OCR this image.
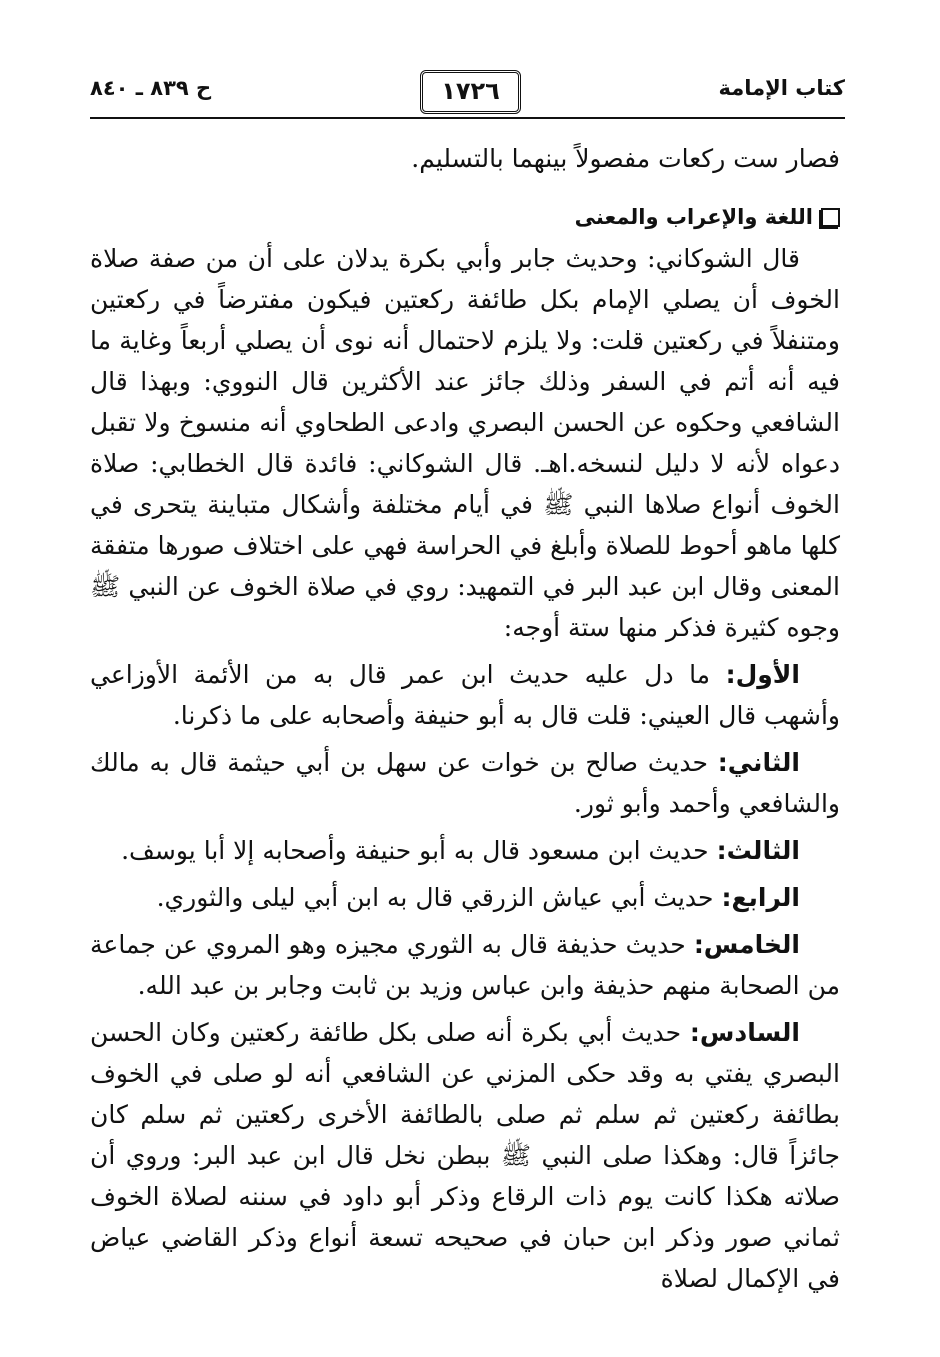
كتاب الإمامة
١٧٢٦
ح ٨٣٩ ـ ٨٤٠

فصار ست ركعات مفصولاً بينهما بالتسليم.

اللغة والإعراب والمعنى

قال الشوكاني: وحديث جابر وأبي بكرة يدلان على أن من صفة صلاة الخوف أن يصلي الإمام بكل طائفة ركعتين فيكون مفترضاً في ركعتين ومتنفلاً في ركعتين قلت: ولا يلزم لاحتمال أنه نوى أن يصلي أربعاً وغاية ما فيه أنه أتم في السفر وذلك جائز عند الأكثرين قال النووي: وبهذا قال الشافعي وحكوه عن الحسن البصري وادعى الطحاوي أنه منسوخ ولا تقبل دعواه لأنه لا دليل لنسخه.اهـ. قال الشوكاني: فائدة قال الخطابي: صلاة الخوف أنواع صلاها النبي ﷺ في أيام مختلفة وأشكال متباينة يتحرى في كلها ماهو أحوط للصلاة وأبلغ في الحراسة فهي على اختلاف صورها متفقة المعنى وقال ابن عبد البر في التمهيد: روي في صلاة الخوف عن النبي ﷺ وجوه كثيرة فذكر منها ستة أوجه:

الأول: ما دل عليه حديث ابن عمر قال به من الأئمة الأوزاعي وأشهب قال العيني: قلت قال به أبو حنيفة وأصحابه على ما ذكرنا.

الثاني: حديث صالح بن خوات عن سهل بن أبي حيثمة قال به مالك والشافعي وأحمد وأبو ثور.

الثالث: حديث ابن مسعود قال به أبو حنيفة وأصحابه إلا أبا يوسف.

الرابع: حديث أبي عياش الزرقي قال به ابن أبي ليلى والثوري.

الخامس: حديث حذيفة قال به الثوري مجيزه وهو المروي عن جماعة من الصحابة منهم حذيفة وابن عباس وزيد بن ثابت وجابر بن عبد الله.

السادس: حديث أبي بكرة أنه صلى بكل طائفة ركعتين وكان الحسن البصري يفتي به وقد حكى المزني عن الشافعي أنه لو صلى في الخوف بطائفة ركعتين ثم سلم ثم صلى بالطائفة الأخرى ركعتين ثم سلم كان جائزاً قال: وهكذا صلى النبي ﷺ ببطن نخل قال ابن عبد البر: وروي أن صلاته هكذا كانت يوم ذات الرقاع وذكر أبو داود في سننه لصلاة الخوف ثماني صور وذكر ابن حبان في صحيحه تسعة أنواع وذكر القاضي عياض في الإكمال لصلاة
